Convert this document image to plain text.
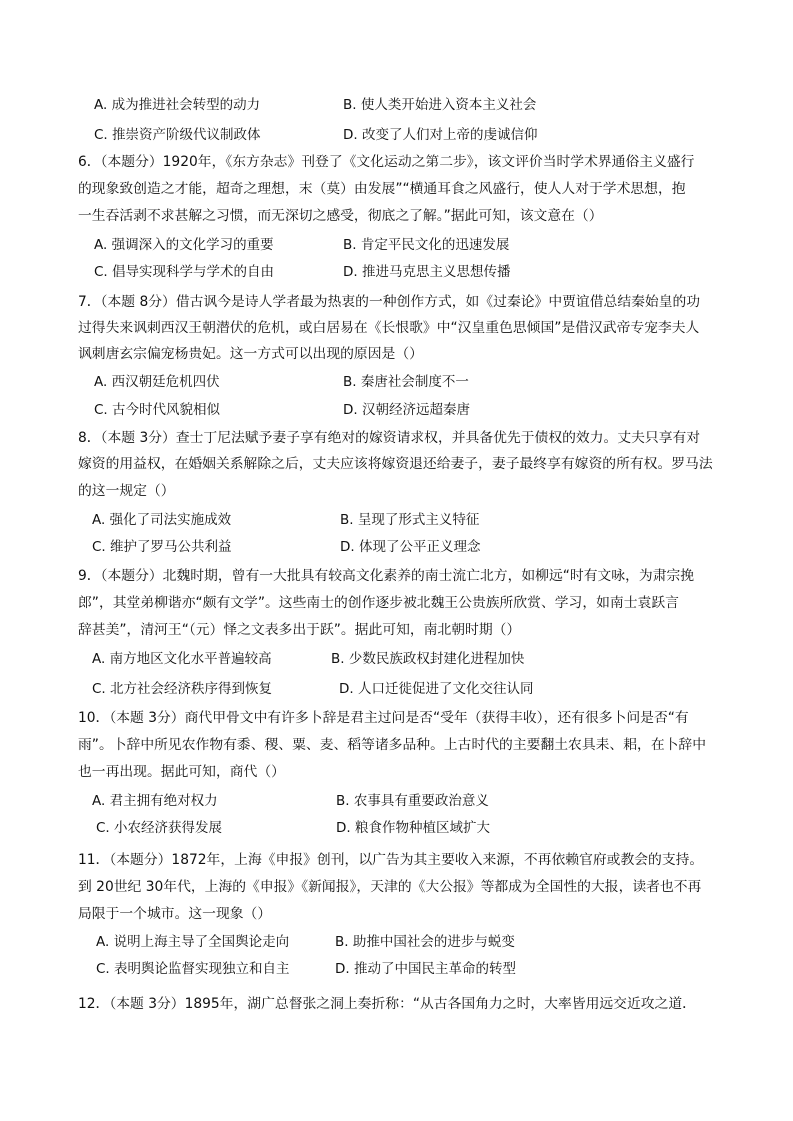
A. 成为推进社会转型的动力	B. 使人类开始进入资本主义社会
C. 推崇资产阶级代议制政体	D. 改变了人们对上帝的虔诚信仰
6．（本题分）1920年，《东方杂志》刊登了《文化运动之第二步》，该文评价当时学术界通俗主义盛行
的现象致创造之才能，超奇之理想，末（莫）由发展”“横通耳食之风盛行，使人人对于学术思想，抱
一生吞活剥不求甚解之习惯，而无深切之感受，彻底之了解。”据此可知，该文意在（）
A. 强调深入的文化学习的重要	B. 肯定平民文化的迅速发展
C. 倡导实现科学与学术的自由	D. 推进马克思主义思想传播
7．（本题 8分）借古讽今是诗人学者最为热衷的一种创作方式，如《过秦论》中贾谊借总结秦始皇的功
过得失来讽刺西汉王朝潜伏的危机，或白居易在《长恨歌》中“汉皇重色思倾国”是借汉武帝专宠李夫人
讽刺唐玄宗偏宠杨贵妃。这一方式可以出现的原因是（）
A. 西汉朝廷危机四伏	B. 秦唐社会制度不一
C. 古今时代风貌相似	D. 汉朝经济远超秦唐
8．（本题 3分）查士丁尼法赋予妻子享有绝对的嫁资请求权，并具备优先于债权的效力。丈夫只享有对
嫁资的用益权，在婚姻关系解除之后，丈夫应该将嫁资退还给妻子，妻子最终享有嫁资的所有权。罗马法
的这一规定（）
A. 强化了司法实施成效	B. 呈现了形式主义特征
C. 维护了罗马公共利益	D. 体现了公平正义理念
9．（本题分）北魏时期，曾有一大批具有较高文化素养的南士流亡北方，如柳远“时有文咏，为肃宗挽
郎”，其堂弟柳谐亦“颇有文学”。这些南士的创作逐步被北魏王公贵族所欣赏、学习，如南士袁跃言
辞甚美”，清河王“（元）怿之文表多出于跃”。据此可知，南北朝时期（）
A. 南方地区文化水平普遍较高	B. 少数民族政权封建化进程加快
C. 北方社会经济秩序得到恢复	D. 人口迁徙促进了文化交往认同
10．（本题 3分）商代甲骨文中有许多卜辞是君主过问是否“受年（获得丰收），还有很多卜问是否“有
雨”。卜辞中所见农作物有黍、稷、粟、麦、稻等诸多品种。上古时代的主要翻土农具耒、耜，在卜辞中
也一再出现。据此可知，商代（）
A. 君主拥有绝对权力	B. 农事具有重要政治意义
C. 小农经济获得发展	D. 粮食作物种植区域扩大
11．（本题分）1872年，上海《申报》创刊，以广告为其主要收入来源，不再依赖官府或教会的支持。
到 20世纪 30年代，上海的《申报》《新闻报》，天津的《大公报》等都成为全国性的大报，读者也不再
局限于一个城市。这一现象（）
A. 说明上海主导了全国舆论走向	B. 助推中国社会的进步与蜕变
C. 表明舆论监督实现独立和自主	D. 推动了中国民主革命的转型
12．（本题 3分）1895年，湖广总督张之洞上奏折称：“从古各国角力之时，大率皆用远交近攻之道．
